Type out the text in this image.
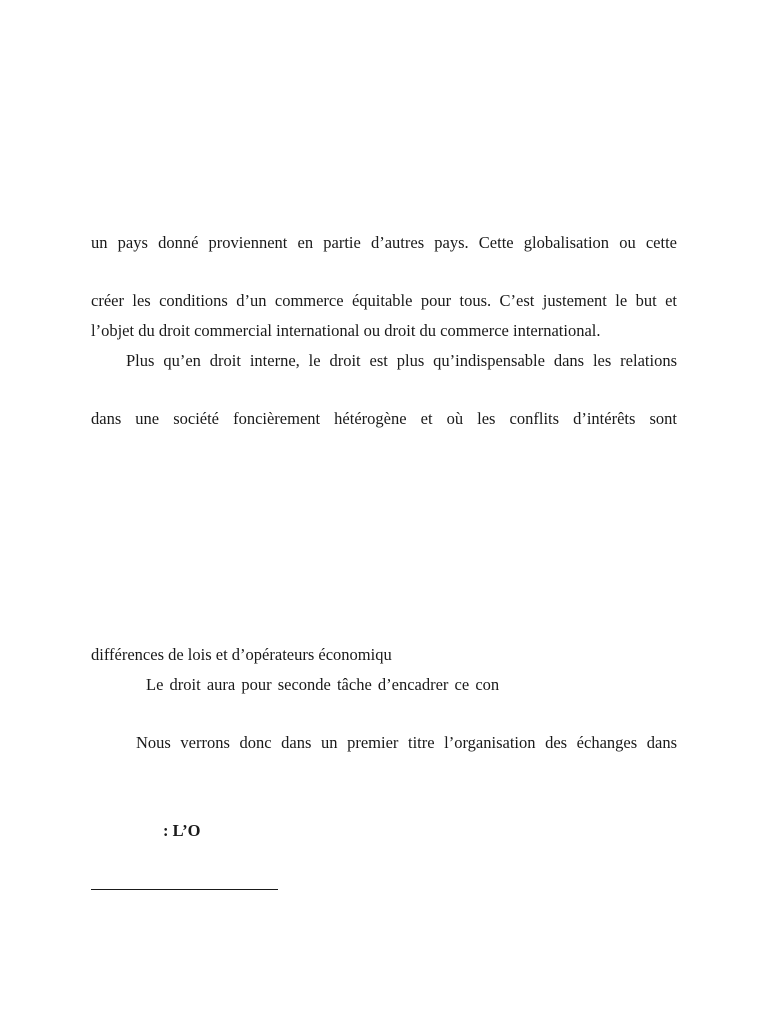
un pays donné proviennent en partie d’autres pays. Cette globalisation ou cette
créer les conditions d’un commerce équitable pour tous. C’est justement le but et
l’objet du droit commercial international ou droit du commerce international.
Plus qu’en droit interne, le droit est plus qu’indispensable dans les relations
dans une société foncièrement hétérogène et où les conflits d’intérêts sont
différences de lois et d’opérateurs économiqu
Le droit aura pour seconde tâche d’encadrer ce con
Nous verrons donc dans un premier titre l’organisation des échanges dans
: L’O
